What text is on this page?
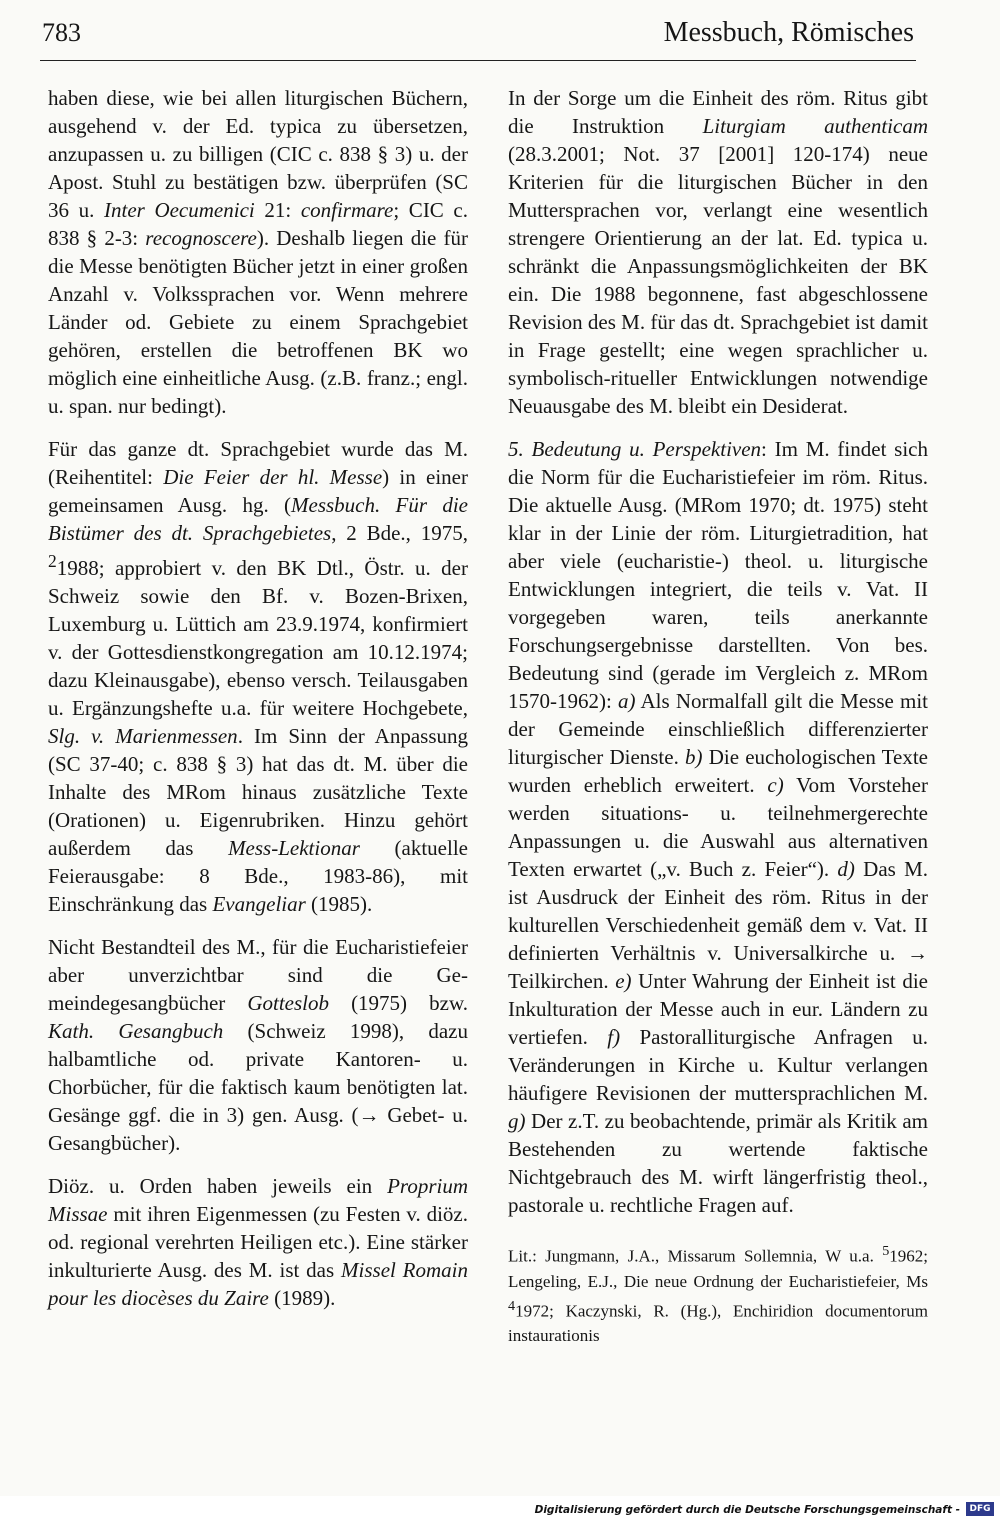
783	Messbuch, Römisches

haben diese, wie bei allen liturgischen Büchern, ausgehend v. der Ed. typica zu übersetzen, anzupassen u. zu billigen (CIC c. 838 § 3) u. der Apost. Stuhl zu bestätigen bzw. überprüfen (SC 36 u. Inter Oecumenici 21: confirmare; CIC c. 838 § 2-3: recognoscere). Deshalb liegen die für die Messe benötigten Bücher jetzt in einer großen Anzahl v. Volkssprachen vor. Wenn mehrere Länder od. Gebiete zu einem Sprachgebiet gehören, erstellen die betroffenen BK wo möglich eine einheitliche Ausg. (z.B. franz.; engl. u. span. nur bedingt).

Für das ganze dt. Sprachgebiet wurde das M. (Reihentitel: Die Feier der hl. Messe) in einer gemeinsamen Ausg. hg. (Messbuch. Für die Bistümer des dt. Sprachgebietes, 2 Bde., 1975, $^2$1988; approbiert v. den BK Dtl., Östr. u. der Schweiz sowie den Bf. v. Bozen-Brixen, Luxemburg u. Lüttich am 23.9.1974, konfirmiert v. der Gottesdienstkongregation am 10.12.1974; dazu Kleinausgabe), ebenso versch. Teilausgaben u. Ergänzungshefte u.a. für weitere Hochgebete, Slg. v. Marienmessen. Im Sinn der Anpassung (SC 37-40; c. 838 § 3) hat das dt. M. über die Inhalte des MRom hinaus zusätzliche Texte (Orationen) u. Eigenrubriken. Hinzu gehört außerdem das Mess-Lektionar (aktuelle Feierausgabe: 8 Bde., 1983-86), mit Einschränkung das Evangeliar (1985).

Nicht Bestandteil des M., für die Eucharistiefeier aber unverzichtbar sind die Gemeindegesangbücher Gotteslob (1975) bzw. Kath. Gesangbuch (Schweiz 1998), dazu halbamtliche od. private Kantoren- u. Chorbücher, für die faktisch kaum benötigten lat. Gesänge ggf. die in 3) gen. Ausg. (→ Gebet- u. Gesangbücher).

Diöz. u. Orden haben jeweils ein Proprium Missae mit ihren Eigenmessen (zu Festen v. diöz. od. regional verehrten Heiligen etc.). Eine stärker inkulturierte Ausg. des M. ist das Missel Romain pour les diocèses du Zaire (1989).

In der Sorge um die Einheit des röm. Ritus gibt die Instruktion Liturgiam authenticam (28.3.2001; Not. 37 [2001] 120-174) neue Kriterien für die liturgischen Bücher in den Muttersprachen vor, verlangt eine wesentlich strengere Orientierung an der lat. Ed. typica u. schränkt die Anpassungsmöglichkeiten der BK ein. Die 1988 begonnene, fast abgeschlossene Revision des M. für das dt. Sprachgebiet ist damit in Frage gestellt; eine wegen sprachlicher u. symbolisch-ritueller Entwicklungen notwendige Neuausgabe des M. bleibt ein Desiderat.

5. Bedeutung u. Perspektiven: Im M. findet sich die Norm für die Eucharistiefeier im röm. Ritus. Die aktuelle Ausg. (MRom 1970; dt. 1975) steht klar in der Linie der röm. Liturgietradition, hat aber viele (eucharistie-) theol. u. liturgische Entwicklungen integriert, die teils v. Vat. II vorgegeben waren, teils anerkannte Forschungsergebnisse darstellten. Von bes. Bedeutung sind (gerade im Vergleich z. MRom 1570-1962): a) Als Normalfall gilt die Messe mit der Gemeinde einschließlich differenzierter liturgischer Dienste. b) Die euchologischen Texte wurden erheblich erweitert. c) Vom Vorsteher werden situations- u. teilnehmergerechte Anpassungen u. die Auswahl aus alternativen Texten erwartet („v. Buch z. Feier“). d) Das M. ist Ausdruck der Einheit des röm. Ritus in der kulturellen Verschiedenheit gemäß dem v. Vat. II definierten Verhältnis v. Universalkirche u. → Teilkirchen. e) Unter Wahrung der Einheit ist die Inkulturation der Messe auch in eur. Ländern zu vertiefen. f) Pastoralliturgische Anfragen u. Veränderungen in Kirche u. Kultur verlangen häufigere Revisionen der muttersprachlichen M. g) Der z.T. zu beobachtende, primär als Kritik am Bestehenden zu wertende faktische Nichtgebrauch des M. wirft längerfristig theol., pastorale u. rechtliche Fragen auf.

Lit.: Jungmann, J.A., Missarum Sollemnia, W u.a. $^5$1962; Lengeling, E.J., Die neue Ordnung der Eucharistiefeier, Ms $^4$1972; Kaczynski, R. (Hg.), Enchiridion documentorum instaurationis

Digitalisierung gefördert durch die Deutsche Forschungsgemeinschaft -	DFG
